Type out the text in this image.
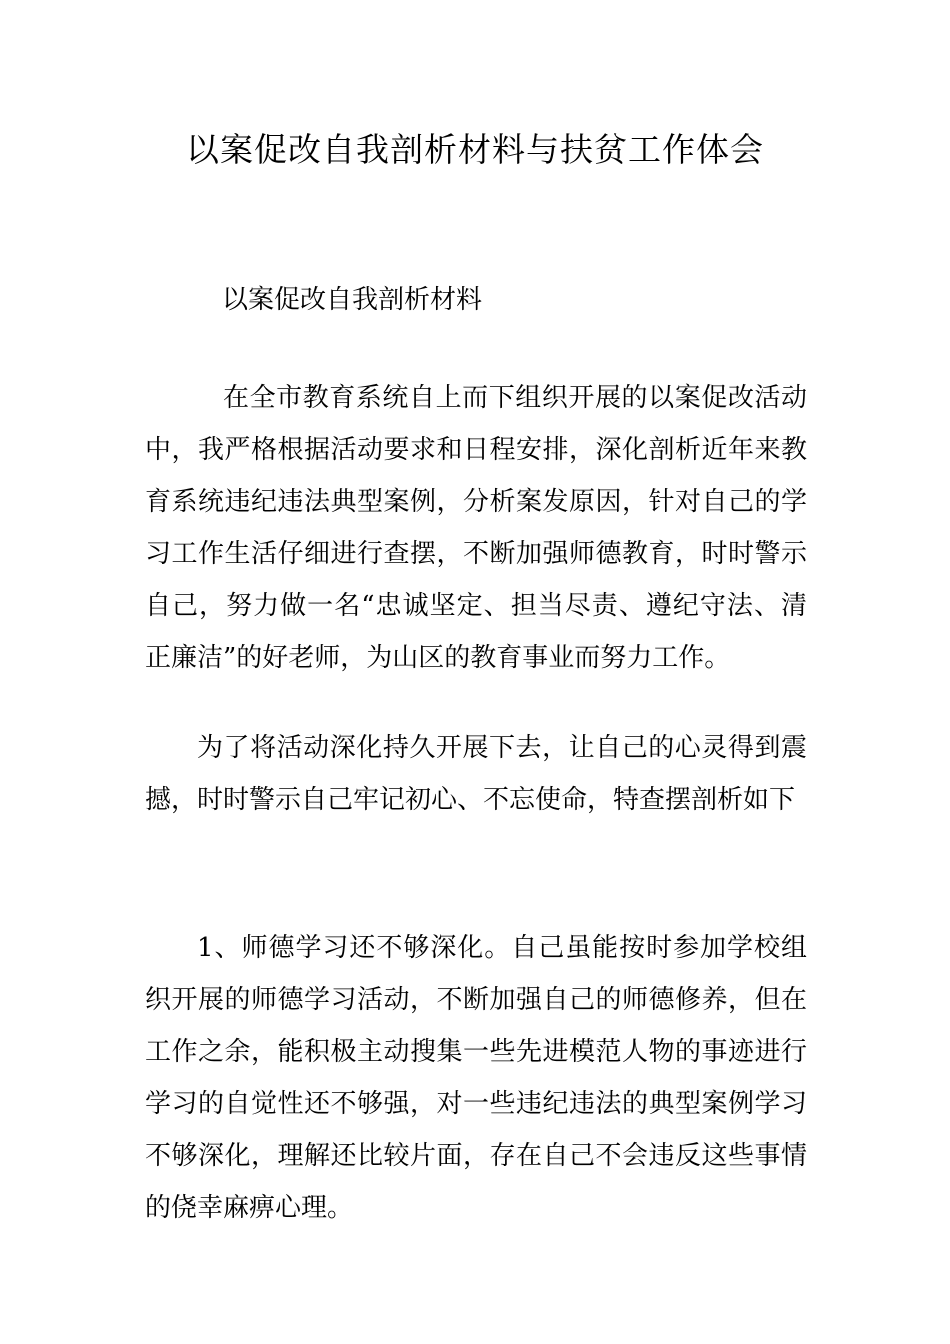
以案促改自我剖析材料与扶贫工作体会
以案促改自我剖析材料

在全市教育系统自上而下组织开展的以案促改活动中，我严格根据活动要求和日程安排，深化剖析近年来教育系统违纪违法典型案例，分析案发原因，针对自己的学习工作生活仔细进行查摆，不断加强师德教育，时时警示自己，努力做一名“忠诚坚定、担当尽责、遵纪守法、清正廉洁”的好老师，为山区的教育事业而努力工作。

为了将活动深化持久开展下去，让自己的心灵得到震撼，时时警示自己牢记初心、不忘使命，特查摆剖析如下

1、师德学习还不够深化。自己虽能按时参加学校组织开展的师德学习活动，不断加强自己的师德修养，但在工作之余，能积极主动搜集一些先进模范人物的事迹进行学习的自觉性还不够强，对一些违纪违法的典型案例学习不够深化，理解还比较片面，存在自己不会违反这些事情的侥幸麻痹心理。
